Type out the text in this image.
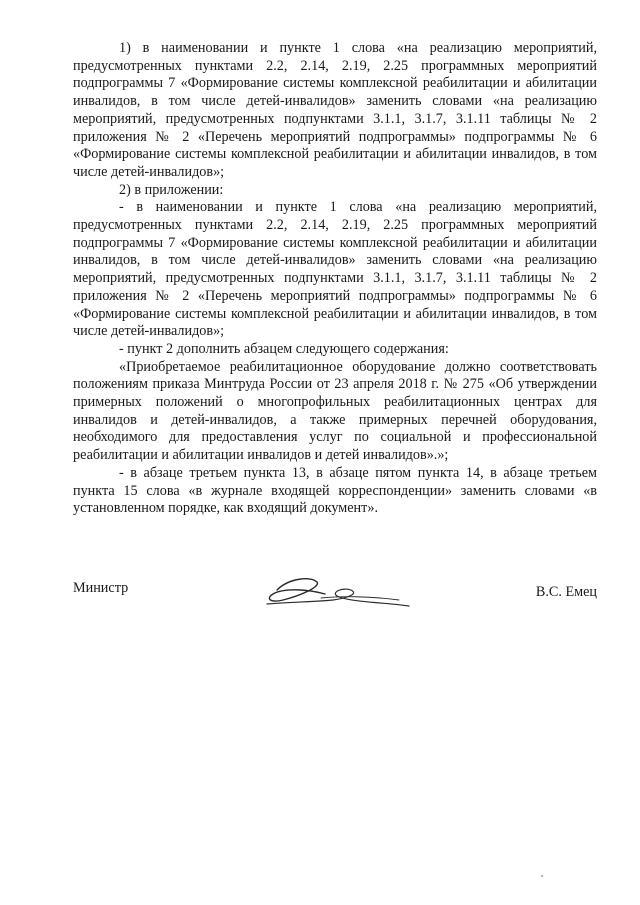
1) в наименовании и пункте 1 слова «на реализацию мероприятий, предусмотренных пунктами 2.2, 2.14, 2.19, 2.25 программных мероприятий подпрограммы 7 «Формирование системы комплексной реабилитации и абилитации инвалидов, в том числе детей-инвалидов» заменить словами «на реализацию мероприятий, предусмотренных подпунктами 3.1.1, 3.1.7, 3.1.11 таблицы № 2 приложения № 2 «Перечень мероприятий подпрограммы» подпрограммы № 6 «Формирование системы комплексной реабилитации и абилитации инвалидов, в том числе детей-инвалидов»;

2) в приложении:

- в наименовании и пункте 1 слова «на реализацию мероприятий, предусмотренных пунктами 2.2, 2.14, 2.19, 2.25 программных мероприятий подпрограммы 7 «Формирование системы комплексной реабилитации и абилитации инвалидов, в том числе детей-инвалидов» заменить словами «на реализацию мероприятий, предусмотренных подпунктами 3.1.1, 3.1.7, 3.1.11 таблицы № 2 приложения № 2 «Перечень мероприятий подпрограммы» подпрограммы № 6 «Формирование системы комплексной реабилитации и абилитации инвалидов, в том числе детей-инвалидов»;

- пункт 2 дополнить абзацем следующего содержания:

«Приобретаемое реабилитационное оборудование должно соответствовать положениям приказа Минтруда России от 23 апреля 2018 г. № 275 «Об утверждении примерных положений о многопрофильных реабилитационных центрах для инвалидов и детей-инвалидов, а также примерных перечней оборудования, необходимого для предоставления услуг по социальной и профессиональной реабилитации и абилитации инвалидов и детей инвалидов».»;

- в абзаце третьем пункта 13, в абзаце пятом пункта 14, в абзаце третьем пункта 15 слова «в журнале входящей корреспонденции» заменить словами «в установленном порядке, как входящий документ».

Министр	В.С. Емец
